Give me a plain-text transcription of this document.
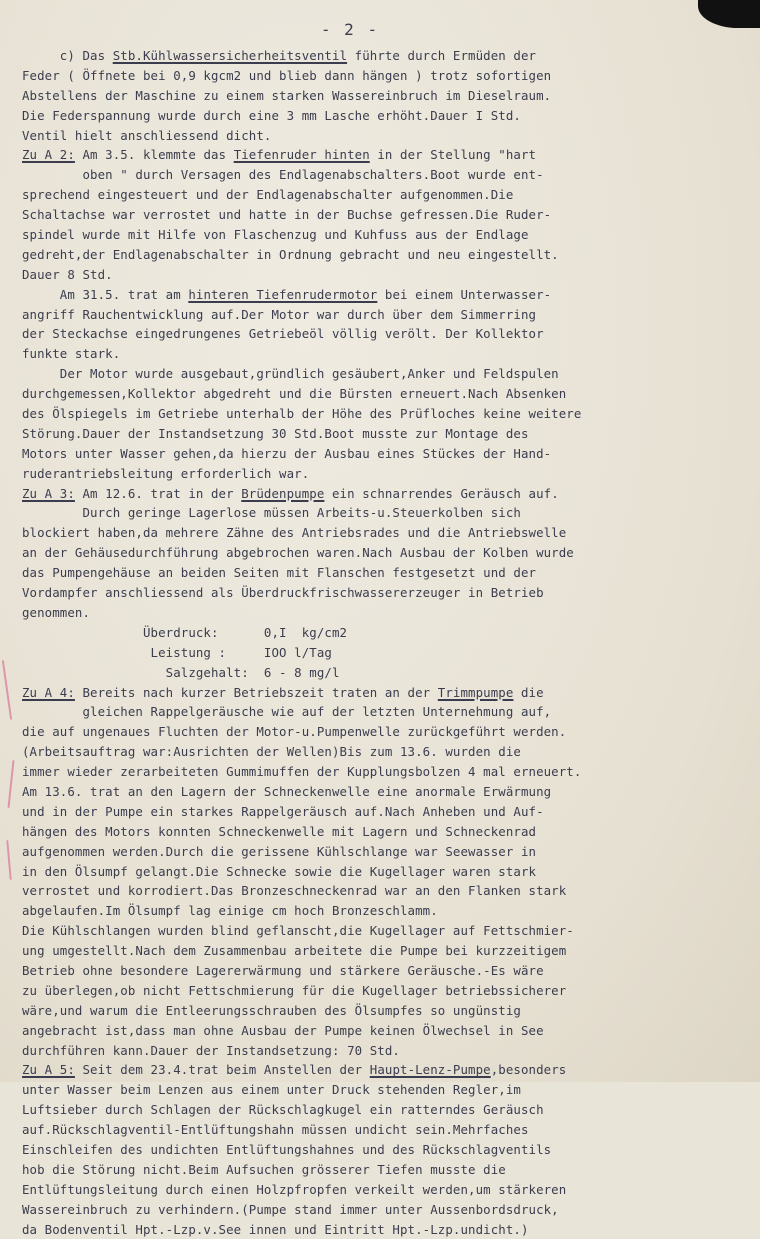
- 2 -
c) Das Stb.Kühlwassersicherheitsventil führte durch Ermüden der
Feder ( Öffnete bei 0,9 kgcm2 und blieb dann hängen ) trotz sofortigen
Abstellens der Maschine zu einem starken Wassereinbruch im Dieselraum.
Die Federspannung wurde durch eine 3 mm Lasche erhöht.Dauer I Std.
Ventil hielt anschliessend dicht.
Zu A 2: Am 3.5. klemmte das Tiefenruder hinten in der Stellung "hart
oben " durch Versagen des Endlagenabschalters.Boot wurde ent-
sprechend eingesteuert und der Endlagenabschalter aufgenommen.Die
Schaltachse war verrostet und hatte in der Buchse gefressen.Die Ruder-
spindel wurde mit Hilfe von Flaschenzug und Kuhfuss aus der Endlage
gedreht,der Endlagenabschalter in Ordnung gebracht und neu eingestellt.
Dauer 8 Std.
Am 31.5. trat am hinteren Tiefenrudermotor bei einem Unterwasser-
angriff Rauchentwicklung auf.Der Motor war durch über dem Simmerring
der Steckachse eingedrungenes Getriebeöl völlig verölt. Der Kollektor
funkte stark.
Der Motor wurde ausgebaut,gründlich gesäubert,Anker und Feldspulen
durchgemessen,Kollektor abgedreht und die Bürsten erneuert.Nach Absenken
des Ölspiegels im Getriebe unterhalb der Höhe des Prüfloches keine weitere
Störung.Dauer der Instandsetzung 30 Std.Boot musste zur Montage des
Motors unter Wasser gehen,da hierzu der Ausbau eines Stückes der Hand-
ruderantriebsleitung erforderlich war.
Zu A 3: Am 12.6. trat in der Brüdenpumpe ein schnarrendes Geräusch auf.
Durch geringe Lagerlose müssen Arbeits-u.Steuerkolben sich
blockiert haben,da mehrere Zähne des Antriebsrades und die Antriebswelle
an der Gehäusedurchführung abgebrochen waren.Nach Ausbau der Kolben wurde
das Pumpengehäuse an beiden Seiten mit Flanschen festgesetzt und der
Vordampfer anschliessend als Überdruckfrischwassererzeuger in Betrieb
genommen.
Überdruck:      0,I  kg/cm2
Leistung :     IOO l/Tag
Salzgehalt:  6 - 8 mg/l
Zu A 4: Bereits nach kurzer Betriebszeit traten an der Trimmpumpe die
gleichen Rappelgeräusche wie auf der letzten Unternehmung auf,
die auf ungenaues Fluchten der Motor-u.Pumpenwelle zurückgeführt werden.
(Arbeitsauftrag war:Ausrichten der Wellen)Bis zum 13.6. wurden die
immer wieder zerarbeiteten Gummimuffen der Kupplungsbolzen 4 mal erneuert.
Am 13.6. trat an den Lagern der Schneckenwelle eine anormale Erwärmung
und in der Pumpe ein starkes Rappelgeräusch auf.Nach Anheben und Auf-
hängen des Motors konnten Schneckenwelle mit Lagern und Schneckenrad
aufgenommen werden.Durch die gerissene Kühlschlange war Seewasser in
in den Ölsumpf gelangt.Die Schnecke sowie die Kugellager waren stark
verrostet und korrodiert.Das Bronzeschneckenrad war an den Flanken stark
abgelaufen.Im Ölsumpf lag einige cm hoch Bronzeschlamm.
Die Kühlschlangen wurden blind geflanscht,die Kugellager auf Fettschmier-
ung umgestellt.Nach dem Zusammenbau arbeitete die Pumpe bei kurzzeitigem
Betrieb ohne besondere Lagererwärmung und stärkere Geräusche.-Es wäre
zu überlegen,ob nicht Fettschmierung für die Kugellager betriebssicherer
wäre,und warum die Entleerungsschrauben des Ölsumpfes so ungünstig
angebracht ist,dass man ohne Ausbau der Pumpe keinen Ölwechsel in See
durchführen kann.Dauer der Instandsetzung: 70 Std.
Zu A 5: Seit dem 23.4.trat beim Anstellen der Haupt-Lenz-Pumpe,besonders
unter Wasser beim Lenzen aus einem unter Druck stehenden Regler,im
Luftsieber durch Schlagen der Rückschlagkugel ein ratterndes Geräusch
auf.Rückschlagventil-Entlüftungshahn müssen undicht sein.Mehrfaches
Einschleifen des undichten Entlüftungshahnes und des Rückschlagventils
hob die Störung nicht.Beim Aufsuchen grösserer Tiefen musste die
Entlüftungsleitung durch einen Holzpfropfen verkeilt werden,um stärkeren
Wassereinbruch zu verhindern.(Pumpe stand immer unter Aussenbordsdruck,
da Bodenventil Hpt.-Lzp.v.See innen und Eintritt Hpt.-Lzp.undicht.)
